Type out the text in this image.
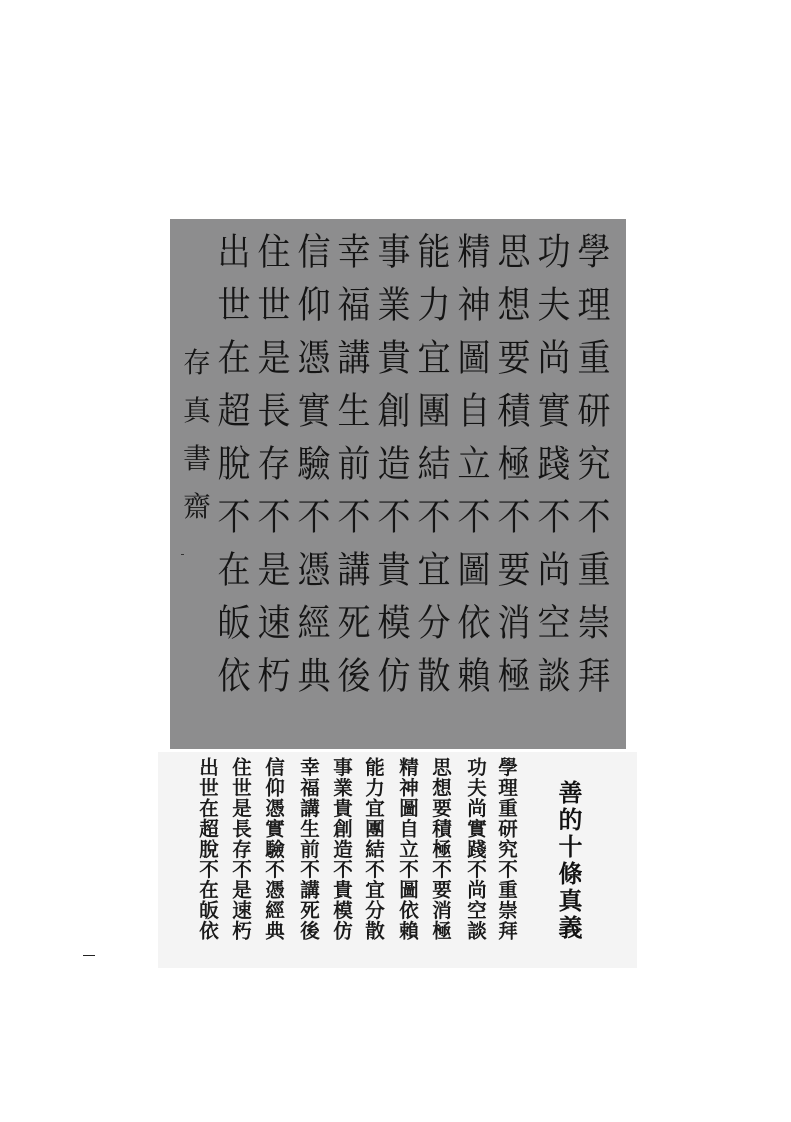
學
理
重
研
究
不
重
崇
拜
功
夫
尚
實
踐
不
尚
空
談
思
想
要
積
極
不
要
消
極
精
神
圖
自
立
不
圖
依
賴
能
力
宜
團
結
不
宜
分
散
事
業
貴
創
造
不
貴
模
仿
幸
福
講
生
前
不
講
死
後
信
仰
憑
實
驗
不
憑
經
典
住
世
是
長
存
不
是
速
朽
出
世
在
超
脫
不
在
皈
依
存
真
書
齋
善的十條真義
學理重研究不重崇拜
功夫尚實踐不尚空談
思想要積極不要消極
精神圖自立不圖依賴
能力宜團結不宜分散
事業貴創造不貴模仿
幸福講生前不講死後
信仰憑實驗不憑經典
住世是長存不是速朽
出世在超脫不在皈依
